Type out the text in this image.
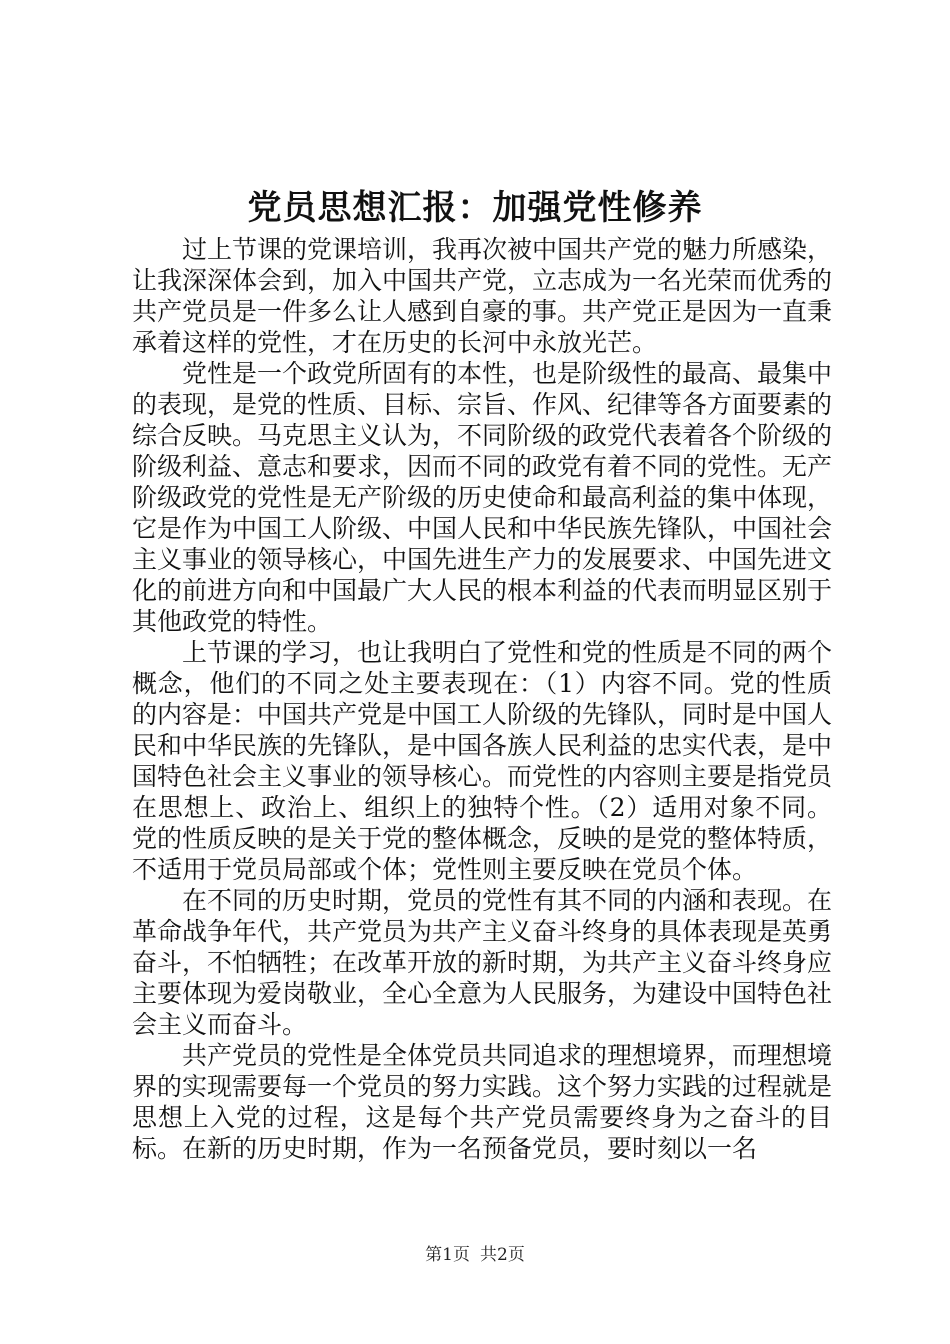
党员思想汇报：加强党性修养

过上节课的党课培训，我再次被中国共产党的魅力所感染，让我深深体会到，加入中国共产党，立志成为一名光荣而优秀的共产党员是一件多么让人感到自豪的事。共产党正是因为一直秉承着这样的党性，才在历史的长河中永放光芒。

党性是一个政党所固有的本性，也是阶级性的最高、最集中的表现，是党的性质、目标、宗旨、作风、纪律等各方面要素的综合反映。马克思主义认为，不同阶级的政党代表着各个阶级的阶级利益、意志和要求，因而不同的政党有着不同的党性。无产阶级政党的党性是无产阶级的历史使命和最高利益的集中体现，它是作为中国工人阶级、中国人民和中华民族先锋队，中国社会主义事业的领导核心，中国先进生产力的发展要求、中国先进文化的前进方向和中国最广大人民的根本利益的代表而明显区别于其他政党的特性。

上节课的学习，也让我明白了党性和党的性质是不同的两个概念，他们的不同之处主要表现在：（1）内容不同。党的性质的内容是：中国共产党是中国工人阶级的先锋队，同时是中国人民和中华民族的先锋队，是中国各族人民利益的忠实代表，是中国特色社会主义事业的领导核心。而党性的内容则主要是指党员在思想上、政治上、组织上的独特个性。（2）适用对象不同。党的性质反映的是关于党的整体概念，反映的是党的整体特质，不适用于党员局部或个体；党性则主要反映在党员个体。

在不同的历史时期，党员的党性有其不同的内涵和表现。在革命战争年代，共产党员为共产主义奋斗终身的具体表现是英勇奋斗，不怕牺牲；在改革开放的新时期，为共产主义奋斗终身应主要体现为爱岗敬业，全心全意为人民服务，为建设中国特色社会主义而奋斗。

共产党员的党性是全体党员共同追求的理想境界，而理想境界的实现需要每一个党员的努力实践。这个努力实践的过程就是思想上入党的过程，这是每个共产党员需要终身为之奋斗的目标。在新的历史时期，作为一名预备党员，要时刻以一名

第1页 共2页
